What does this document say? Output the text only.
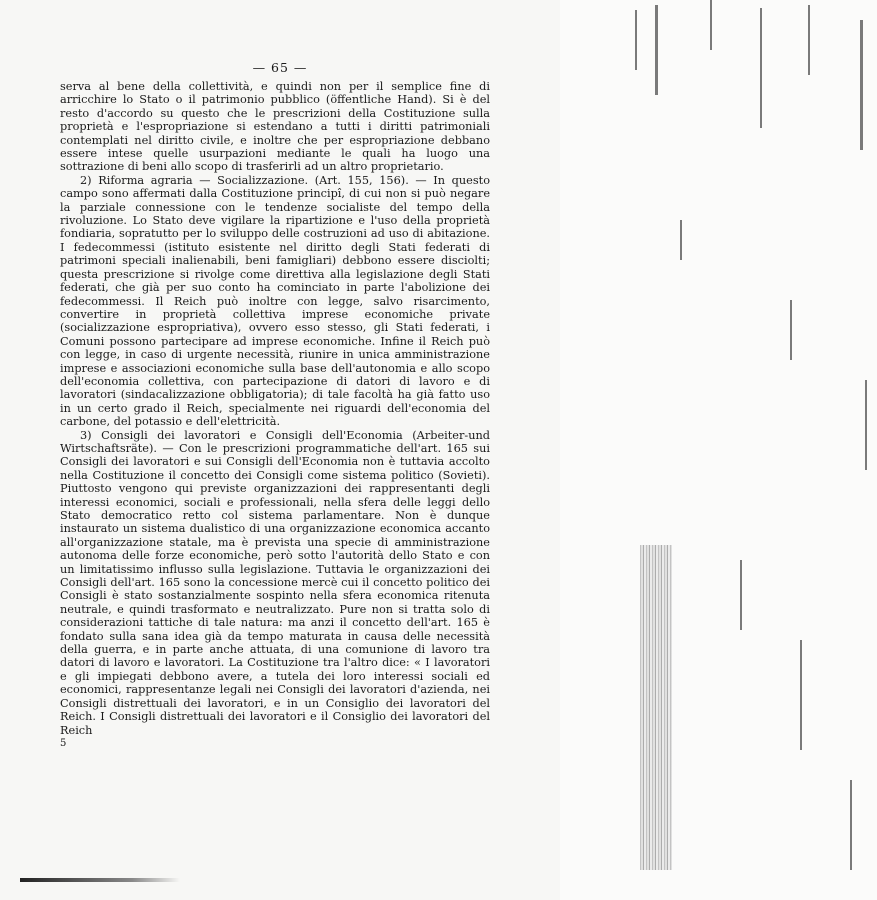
— 65 —

serva al bene della collettività, e quindi non per il semplice fine di arricchire lo Stato o il patrimonio pubblico (öffentliche Hand). Si è del resto d'accordo su questo che le prescrizioni della Costituzione sulla proprietà e l'espropriazione si estendano a tutti i diritti patrimoniali contemplati nel diritto civile, e inoltre che per espropriazione debbano essere intese quelle usurpazioni mediante le quali ha luogo una sottrazione di beni allo scopo di trasferirli ad un altro proprietario.

2) Riforma agraria — Socializzazione. (Art. 155, 156). — In questo campo sono affermati dalla Costituzione principî, di cui non si può negare la parziale connessione con le tendenze socialiste del tempo della rivoluzione. Lo Stato deve vigilare la ripartizione e l'uso della proprietà fondiaria, sopratutto per lo sviluppo delle costruzioni ad uso di abitazione. I fedecommessi (istituto esistente nel diritto degli Stati federati di patrimoni speciali inalienabili, beni famigliari) debbono essere disciolti; questa prescrizione si rivolge come direttiva alla legislazione degli Stati federati, che già per suo conto ha cominciato in parte l'abolizione dei fedecommessi. Il Reich può inoltre con legge, salvo risarcimento, convertire in proprietà collettiva imprese economiche private (socializzazione espropriativa), ovvero esso stesso, gli Stati federati, i Comuni possono partecipare ad imprese economiche. Infine il Reich può con legge, in caso di urgente necessità, riunire in unica amministrazione imprese e associazioni economiche sulla base dell'autonomia e allo scopo dell'economia collettiva, con partecipazione di datori di lavoro e di lavoratori (sindacalizzazione obbligatoria); di tale facoltà ha già fatto uso in un certo grado il Reich, specialmente nei riguardi dell'economia del carbone, del potassio e dell'elettricità.

3) Consigli dei lavoratori e Consigli dell'Economia (Arbeiter-und Wirtschaftsräte). — Con le prescrizioni programmatiche dell'art. 165 sui Consigli dei lavoratori e sui Consigli dell'Economia non è tuttavia accolto nella Costituzione il concetto dei Consigli come sistema politico (Sovieti). Piuttosto vengono qui previste organizzazioni dei rappresentanti degli interessi economici, sociali e professionali, nella sfera delle leggi dello Stato democratico retto col sistema parlamentare. Non è dunque instaurato un sistema dualistico di una organizzazione economica accanto all'organizzazione statale, ma è prevista una specie di amministrazione autonoma delle forze economiche, però sotto l'autorità dello Stato e con un limitatissimo influsso sulla legislazione. Tuttavia le organizzazioni dei Consigli dell'art. 165 sono la concessione mercè cui il concetto politico dei Consigli è stato sostanzialmente sospinto nella sfera economica ritenuta neutrale, e quindi trasformato e neutralizzato. Pure non si tratta solo di considerazioni tattiche di tale natura: ma anzi il concetto dell'art. 165 è fondato sulla sana idea già da tempo maturata in causa delle necessità della guerra, e in parte anche attuata, di una comunione di lavoro tra datori di lavoro e lavoratori. La Costituzione tra l'altro dice: « I lavoratori e gli impiegati debbono avere, a tutela dei loro interessi sociali ed economici, rappresentanze legali nei Consigli dei lavoratori d'azienda, nei Consigli distrettuali dei lavoratori, e in un Consiglio dei lavoratori del Reich. I Consigli distrettuali dei lavoratori e il Consiglio dei lavoratori del Reich

5
